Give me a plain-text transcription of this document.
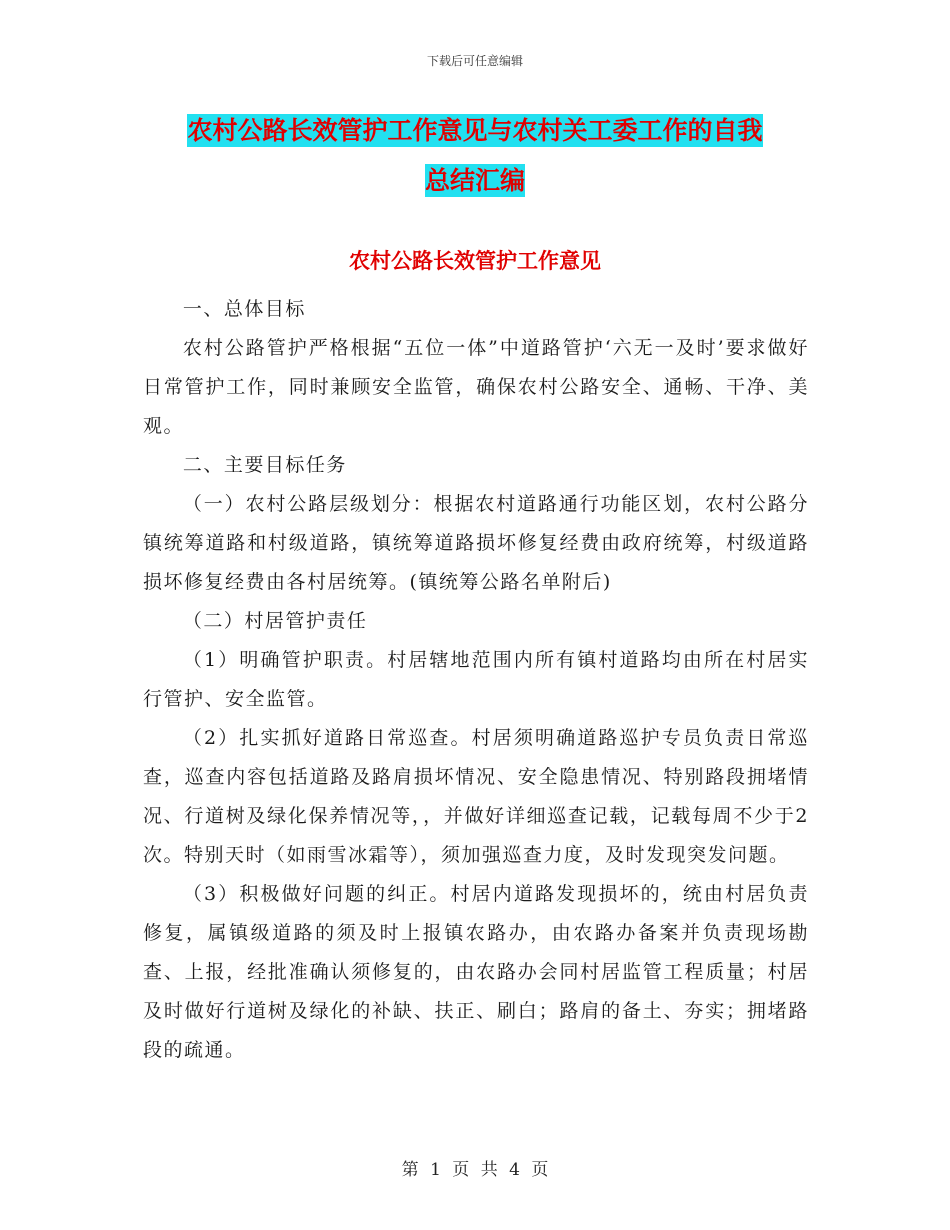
下载后可任意编辑
农村公路长效管护工作意见与农村关工委工作的自我
总结汇编
农村公路长效管护工作意见

一、总体目标

农村公路管护严格根据“五位一体”中道路管护‘六无一及时’要求做好日常管护工作，同时兼顾安全监管，确保农村公路安全、通畅、干净、美观。

二、主要目标任务

（一）农村公路层级划分：根据农村道路通行功能区划，农村公路分镇统筹道路和村级道路，镇统筹道路损坏修复经费由政府统筹，村级道路损坏修复经费由各村居统筹。(镇统筹公路名单附后)

（二）村居管护责任

（1）明确管护职责。村居辖地范围内所有镇村道路均由所在村居实行管护、安全监管。

（2）扎实抓好道路日常巡查。村居须明确道路巡护专员负责日常巡查，巡查内容包括道路及路肩损坏情况、安全隐患情况、特别路段拥堵情况、行道树及绿化保养情况等，，并做好详细巡查记载，记载每周不少于2次。特别天时（如雨雪冰霜等），须加强巡查力度，及时发现突发问题。

（3）积极做好问题的纠正。村居内道路发现损坏的，统由村居负责修复，属镇级道路的须及时上报镇农路办，由农路办备案并负责现场勘查、上报，经批准确认须修复的，由农路办会同村居监管工程质量；村居及时做好行道树及绿化的补缺、扶正、刷白；路肩的备土、夯实；拥堵路段的疏通。

第 1 页 共 4 页
